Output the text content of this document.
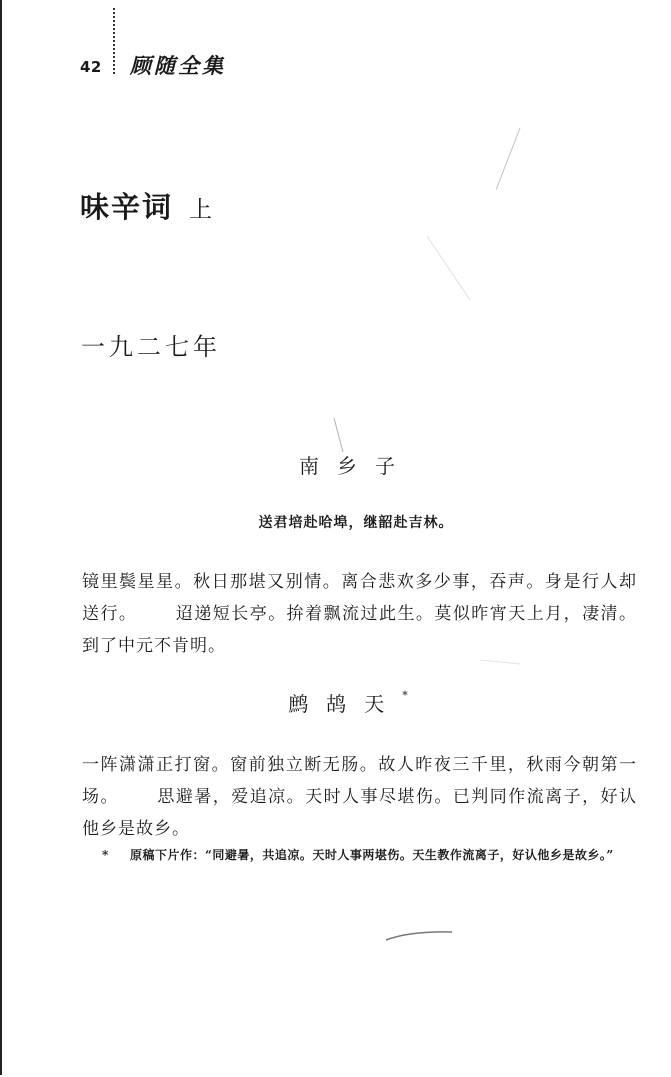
42 顾随全集
味辛词 上
一九二七年
南乡子
送君培赴哈埠，继韶赴吉林。
镜里鬓星星。秋日那堪又别情。离合悲欢多少事，吞声。身是行人却送行。 迢递短长亭。拚着飘流过此生。莫似昨宵天上月，凄清。到了中元不肯明。
鹧鸪天*
一阵潇潇正打窗。窗前独立断无肠。故人昨夜三千里，秋雨今朝第一场。 思避暑，爱追凉。天时人事尽堪伤。已判同作流离子，好认他乡是故乡。
* 原稿下片作：“同避暑，共追凉。天时人事两堪伤。天生教作流离子，好认他乡是故乡。”
